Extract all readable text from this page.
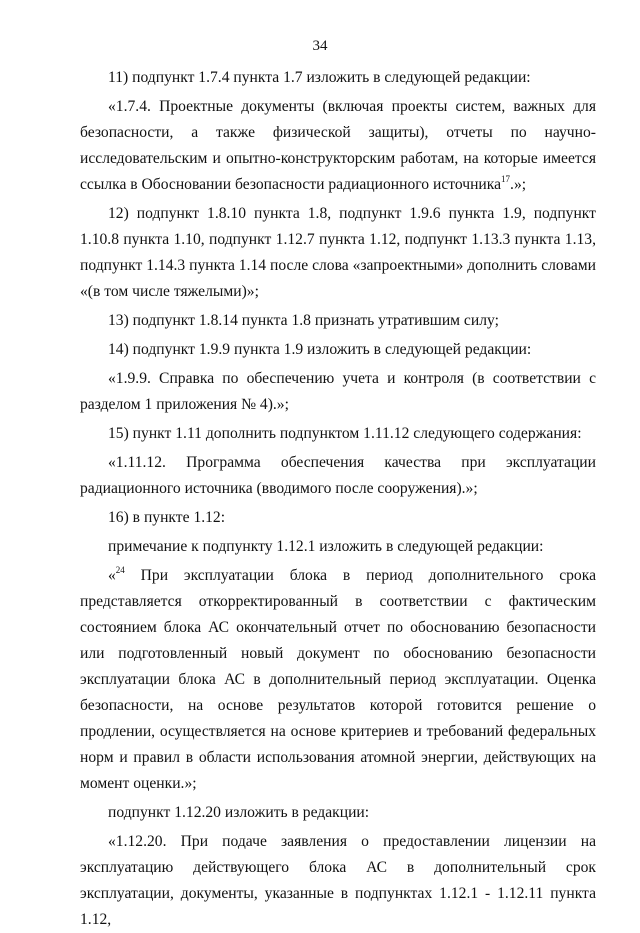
34

11) подпункт 1.7.4 пункта 1.7 изложить в следующей редакции:

«1.7.4. Проектные документы (включая проекты систем, важных для безопасности, а также физической защиты), отчеты по научно-исследовательским и опытно-конструкторским работам, на которые имеется ссылка в Обосновании безопасности радиационного источника$^{17}$.»;

12) подпункт 1.8.10 пункта 1.8, подпункт 1.9.6 пункта 1.9, подпункт 1.10.8 пункта 1.10, подпункт 1.12.7 пункта 1.12, подпункт 1.13.3 пункта 1.13, подпункт 1.14.3 пункта 1.14 после слова «запроектными» дополнить словами «(в том числе тяжелыми)»;

13) подпункт 1.8.14 пункта 1.8 признать утратившим силу;

14) подпункт 1.9.9 пункта 1.9 изложить в следующей редакции:

«1.9.9. Справка по обеспечению учета и контроля (в соответствии с разделом 1 приложения № 4).»;

15) пункт 1.11 дополнить подпунктом 1.11.12 следующего содержания:

«1.11.12. Программа обеспечения качества при эксплуатации радиационного источника (вводимого после сооружения).»;

16) в пункте 1.12:

примечание к подпункту 1.12.1 изложить в следующей редакции:

«$^{24}$ При эксплуатации блока в период дополнительного срока представляется откорректированный в соответствии с фактическим состоянием блока АС окончательный отчет по обоснованию безопасности или подготовленный новый документ по обоснованию безопасности эксплуатации блока АС в дополнительный период эксплуатации. Оценка безопасности, на основе результатов которой готовится решение о продлении, осуществляется на основе критериев и требований федеральных норм и правил в области использования атомной энергии, действующих на момент оценки.»;

подпункт 1.12.20 изложить в редакции:

«1.12.20. При подаче заявления о предоставлении лицензии на эксплуатацию действующего блока АС в дополнительный срок эксплуатации, документы, указанные в подпунктах 1.12.1 - 1.12.11 пункта 1.12,
